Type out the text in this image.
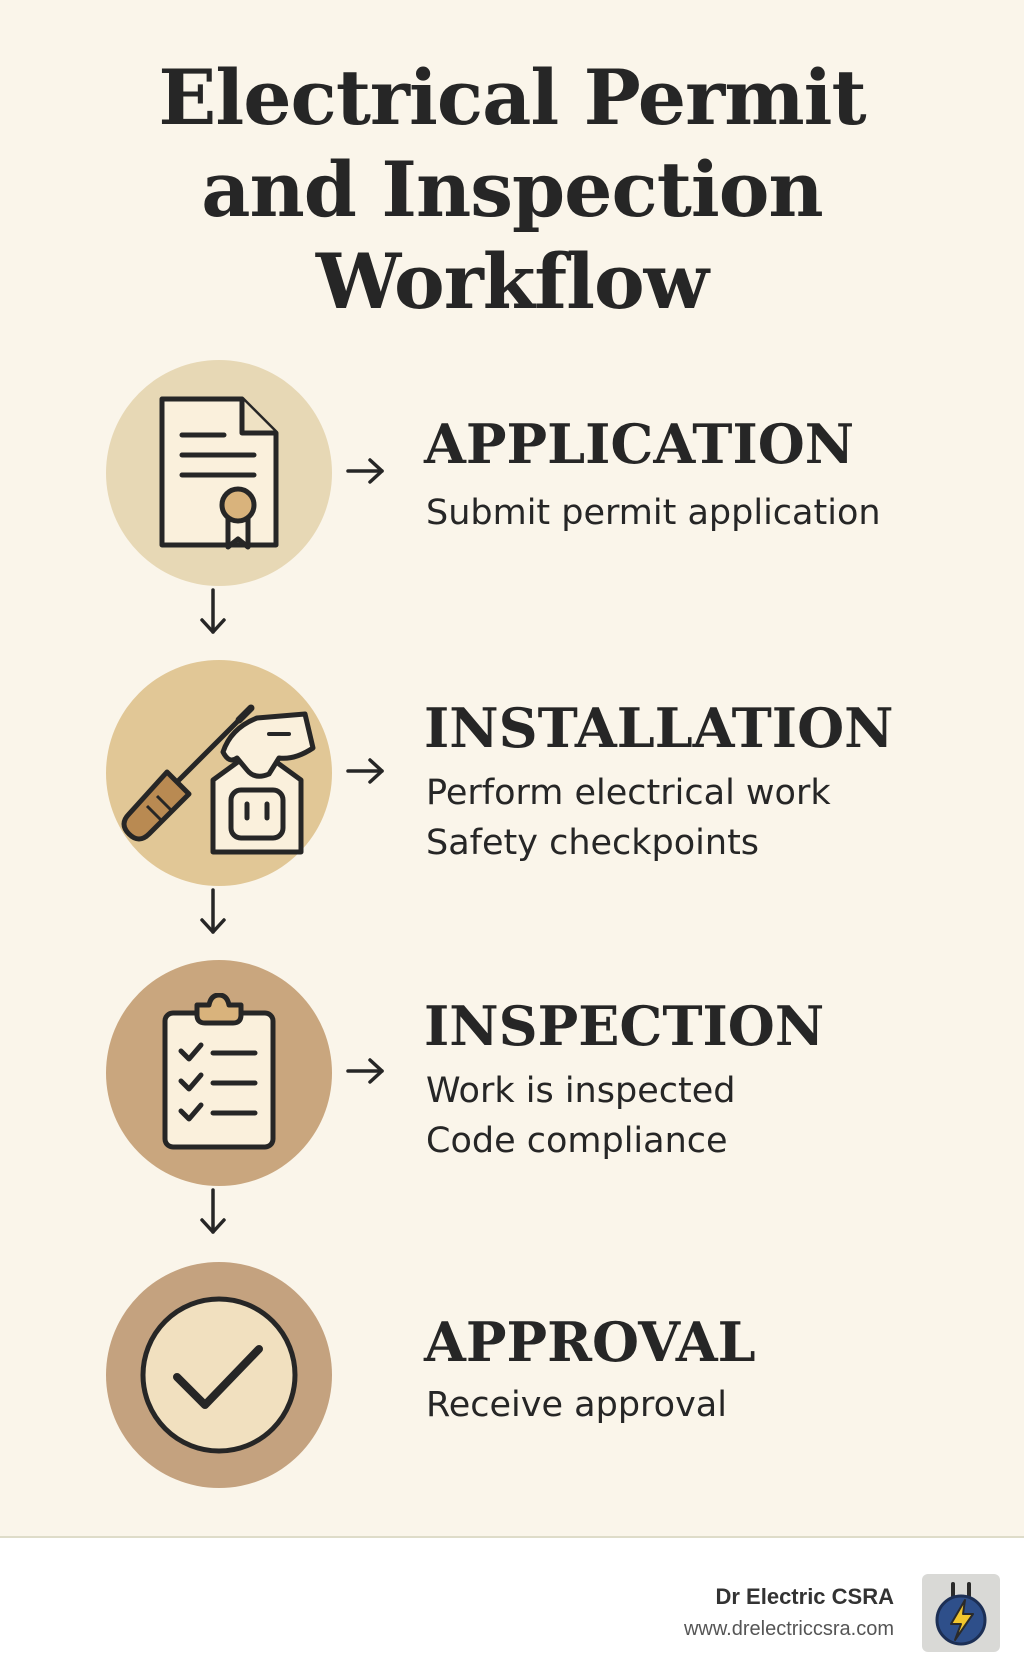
Electrical Permit
and Inspection
Workflow
APPLICATION
Submit permit application
INSTALLATION
Perform electrical work
Safety checkpoints
INSPECTION
Work is inspected
Code compliance
APPROVAL
Receive approval
Dr Electric CSRA
www.drelectriccsra.com
